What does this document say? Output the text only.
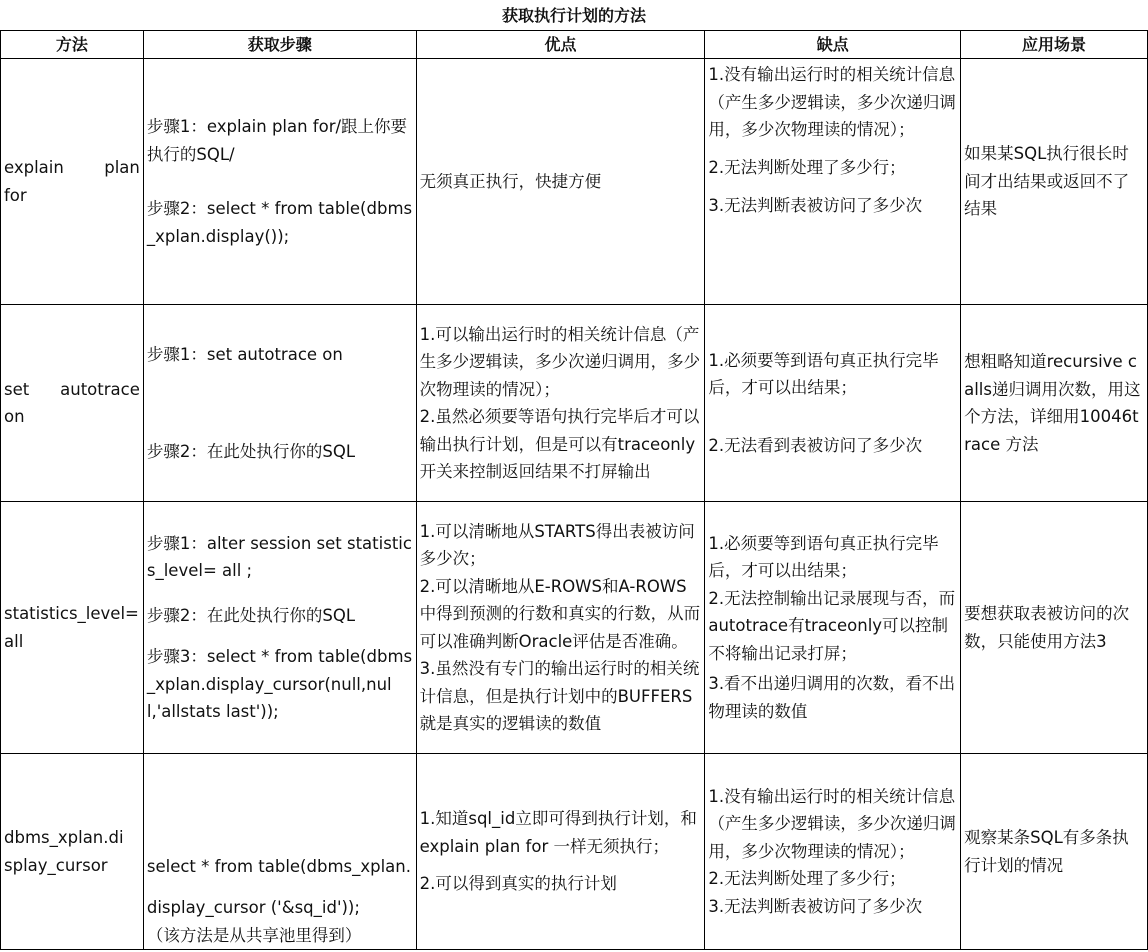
获取执行计划的方法
方法	获取步骤	优点	缺点	应用场景

explain plan
for	步骤1：explain plan for/跟上你要执行的SQL/
步骤2：select * from table(dbms_xplan.display());	无须真正执行，快捷方便	1.没有输出运行时的相关统计信息（产生多少逻辑读，多少次递归调用，多少次物理读的情况）；
2.无法判断处理了多少行；
3.无法判断表被访问了多少次	如果某SQL执行很长时间才出结果或返回不了结果

set autotrace
on	步骤1：set autotrace on
步骤2：在此处执行你的SQL	1.可以输出运行时的相关统计信息（产生多少逻辑读，多少次递归调用，多少次物理读的情况）；
2.虽然必须要等语句执行完毕后才可以输出执行计划，但是可以有traceonly开关来控制返回结果不打屏输出	1.必须要等到语句真正执行完毕后，才可以出结果；
2.无法看到表被访问了多少次	想粗略知道recursive calls递归调用次数，用这个方法，详细用10046trace 方法

statistics_level=
all	步骤1：alter session set statistics_level= all ;
步骤2：在此处执行你的SQL
步骤3：select * from table(dbms_xplan.display_cursor(null,null,'allstats last'));	1.可以清晰地从STARTS得出表被访问多少次；
2.可以清晰地从E-ROWS和A-ROWS中得到预测的行数和真实的行数，从而可以准确判断Oracle评估是否准确。
3.虽然没有专门的输出运行时的相关统计信息，但是执行计划中的BUFFERS就是真实的逻辑读的数值	1.必须要等到语句真正执行完毕后，才可以出结果；
2.无法控制输出记录展现与否，而autotrace有traceonly可以控制不将输出记录打屏；
3.看不出递归调用的次数，看不出物理读的数值	要想获取表被访问的次数，只能使用方法3

dbms_xplan.di
splay_cursor	select * from table(dbms_xplan.
display_cursor ('&sq_id'));
（该方法是从共享池里得到）	1.知道sql_id立即可得到执行计划，和explain plan for 一样无须执行；
2.可以得到真实的执行计划	1.没有输出运行时的相关统计信息（产生多少逻辑读，多少次递归调用，多少次物理读的情况）；
2.无法判断处理了多少行；
3.无法判断表被访问了多少次	观察某条SQL有多条执行计划的情况
